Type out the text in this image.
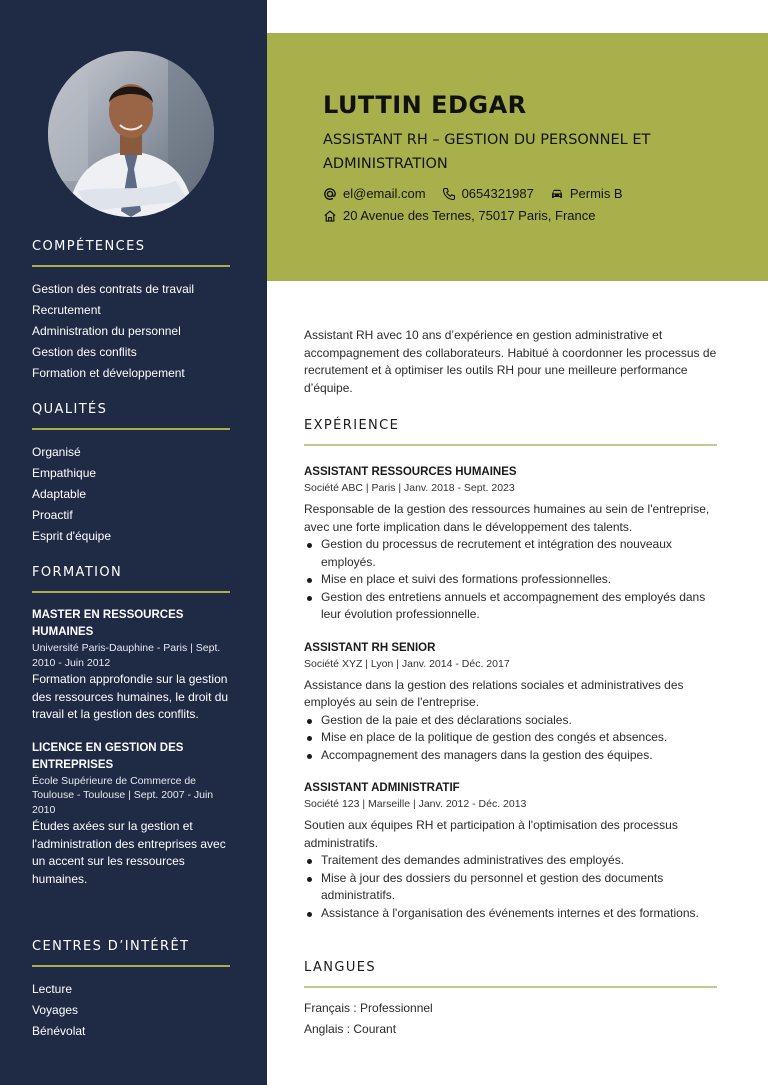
COMPÉTENCES
Gestion des contrats de travail
Recrutement
Administration du personnel
Gestion des conflits
Formation et développement
QUALITÉS
Organisé
Empathique
Adaptable
Proactif
Esprit d'équipe
FORMATION
MASTER EN RESSOURCES HUMAINES
Université Paris-Dauphine - Paris | Sept. 2010 - Juin 2012
Formation approfondie sur la gestion des ressources humaines, le droit du travail et la gestion des conflits.
LICENCE EN GESTION DES ENTREPRISES
École Supérieure de Commerce de Toulouse - Toulouse | Sept. 2007 - Juin 2010
Études axées sur la gestion et l'administration des entreprises avec un accent sur les ressources humaines.
CENTRES D’INTÉRÊT
Lecture
Voyages
Bénévolat
LUTTIN EDGAR
ASSISTANT RH – GESTION DU PERSONNEL ET ADMINISTRATION
el@email.com	0654321987	Permis B
20 Avenue des Ternes, 75017 Paris, France

Assistant RH avec 10 ans d’expérience en gestion administrative et accompagnement des collaborateurs. Habitué à coordonner les processus de recrutement et à optimiser les outils RH pour une meilleure performance d’équipe.

EXPÉRIENCE
ASSISTANT RESSOURCES HUMAINES
Société ABC | Paris | Janv. 2018 - Sept. 2023
Responsable de la gestion des ressources humaines au sein de l'entreprise, avec une forte implication dans le développement des talents.
Gestion du processus de recrutement et intégration des nouveaux employés.
Mise en place et suivi des formations professionnelles.
Gestion des entretiens annuels et accompagnement des employés dans leur évolution professionnelle.
ASSISTANT RH SENIOR
Société XYZ | Lyon | Janv. 2014 - Déc. 2017
Assistance dans la gestion des relations sociales et administratives des employés au sein de l'entreprise.
Gestion de la paie et des déclarations sociales.
Mise en place de la politique de gestion des congés et absences.
Accompagnement des managers dans la gestion des équipes.
ASSISTANT ADMINISTRATIF
Société 123 | Marseille | Janv. 2012 - Déc. 2013
Soutien aux équipes RH et participation à l'optimisation des processus administratifs.
Traitement des demandes administratives des employés.
Mise à jour des dossiers du personnel et gestion des documents administratifs.
Assistance à l'organisation des événements internes et des formations.
LANGUES
Français : Professionnel
Anglais : Courant
